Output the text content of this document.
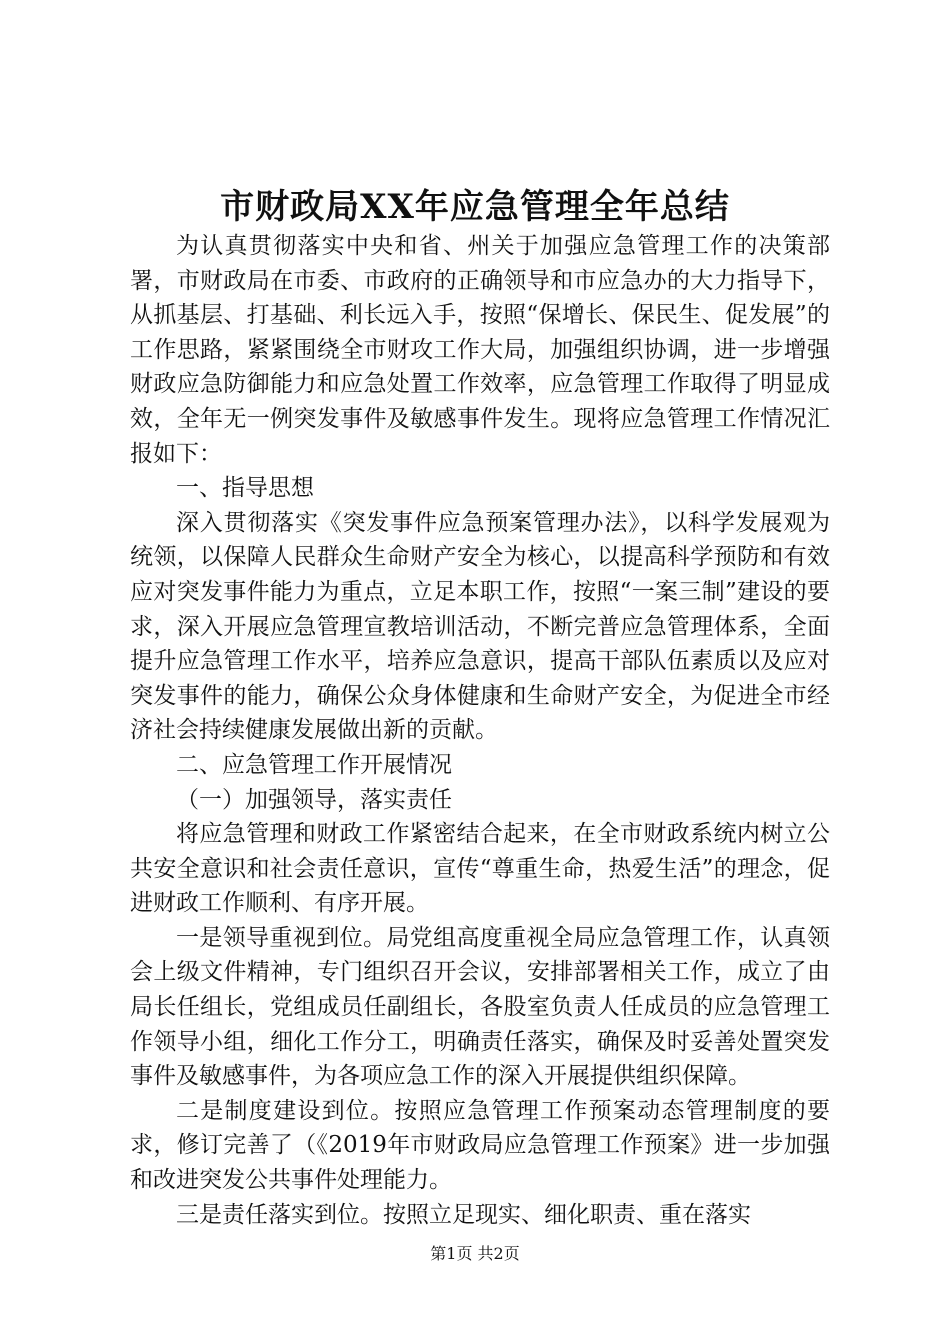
市财政局XX年应急管理全年总结

为认真贯彻落实中央和省、州关于加强应急管理工作的决策部署，市财政局在市委、市政府的正确领导和市应急办的大力指导下，从抓基层、打基础、利长远入手，按照“保增长、保民生、促发展”的工作思路，紧紧围绕全市财攻工作大局，加强组织协调，进一步增强财政应急防御能力和应急处置工作效率，应急管理工作取得了明显成效，全年无一例突发事件及敏感事件发生。现将应急管理工作情况汇报如下：

一、指导思想

深入贯彻落实《突发事件应急预案管理办法》，以科学发展观为统领，以保障人民群众生命财产安全为核心，以提高科学预防和有效应对突发事件能力为重点，立足本职工作，按照“一案三制”建设的要求，深入开展应急管理宣教培训活动，不断完普应急管理体系，全面提升应急管理工作水平，培养应急意识，提高干部队伍素质以及应对突发事件的能力，确保公众身体健康和生命财产安全，为促进全市经济社会持续健康发展做出新的贡献。

二、应急管理工作开展情况

（一）加强领导，落实责任

将应急管理和财政工作紧密结合起来，在全市财政系统内树立公共安全意识和社会责任意识，宣传“尊重生命，热爱生活”的理念，促进财政工作顺利、有序开展。

一是领导重视到位。局党组高度重视全局应急管理工作，认真领会上级文件精神，专门组织召开会议，安排部署相关工作，成立了由局长任组长，党组成员任副组长，各股室负责人任成员的应急管理工作领导小组，细化工作分工，明确责任落实，确保及时妥善处置突发事件及敏感事件，为各项应急工作的深入开展提供组织保障。

二是制度建设到位。按照应急管理工作预案动态管理制度的要求，修订完善了（《2019年市财政局应急管理工作预案》进一步加强和改进突发公共事件处理能力。

三是责任落实到位。按照立足现实、细化职责、重在落实

第1页 共2页
